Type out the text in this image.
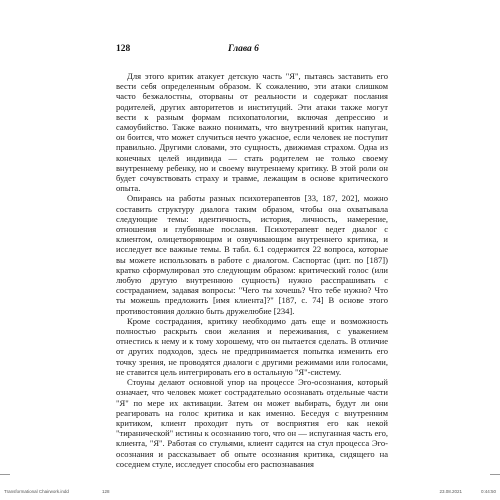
128	Глава 6

Для этого критик атакует детскую часть "Я", пытаясь заставить его вести себя определенным образом. К сожалению, эти атаки слишком часто безжалостны, оторваны от реальности и содержат послания родителей, других авторитетов и институций. Эти атаки также могут вести к разным формам психопатологии, включая депрессию и самоубийство. Также важно понимать, что внутренний критик напуган, он боится, что может случиться нечто ужасное, если человек не поступит правильно. Другими словами, это сущность, движимая страхом. Одна из конечных целей индивида — стать родителем не только своему внутреннему ребенку, но и своему внутреннему критику. В этой роли он будет сочувствовать страху и травме, лежащим в основе критического опыта.

Опираясь на работы разных психотерапевтов [33, 187, 202], можно составить структуру диалога таким образом, чтобы она охватывала следующие темы: идентичность, история, личность, намерение, отношения и глубинные послания. Психотерапевт ведет диалог с клиентом, олицетворяющим и озвучивающим внутреннего критика, и исследует все важные темы. В табл. 6.1 содержится 22 вопроса, которые вы можете использовать в работе с диалогом. Саспортас (цит. по [187]) кратко сформулировал это следующим образом: критический голос (или любую другую внутреннюю сущность) нужно расспрашивать с состраданием, задавая вопросы: "Чего ты хочешь? Что тебе нужно? Что ты можешь предложить [имя клиента]?" [187, с. 74] В основе этого противостояния должно быть дружелюбие [234].

Кроме сострадания, критику необходимо дать еще и возможность полностью раскрыть свои желания и переживания, с уважением отнестись к нему и к тому хорошему, что он пытается сделать. В отличие от других подходов, здесь не предпринимается попытка изменить его точку зрения, не проводятся диалоги с другими режимами или голосами, не ставится цель интегрировать его в остальную "Я"-систему.

Стоуны делают основной упор на процессе Эго-осознания, который означает, что человек может сострадательно осознавать отдельные части "Я" по мере их активации. Затем он может выбирать, будут ли они реагировать на голос критика и как именно. Беседуя с внутренним критиком, клиент проходит путь от восприятия его как некой "тиранической" истины к осознанию того, что он — испуганная часть его, клиента, "Я". Работая со стульями, клиент садится на стул процесса Эго-осознания и рассказывает об опыте осознания критика, сидящего на соседнем стуле, исследует способы его распознавания

Transformational Chairwork.indd	128	23.08.2021	0:44:50
